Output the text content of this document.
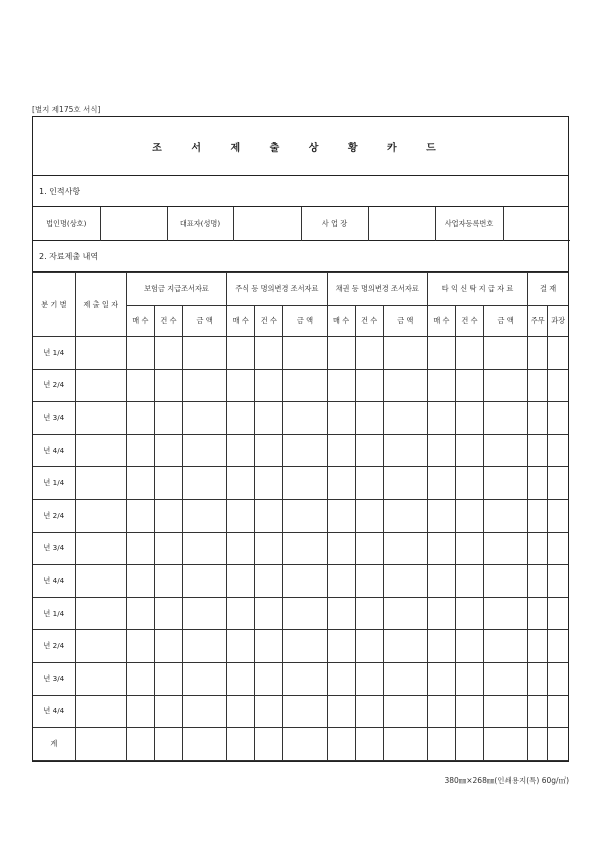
[별지 제175호 서식]
조 서 제 출 상 황 카 드
1. 인적사항
법인명(상호)		대표자(성명)		사 업 장		사업자등록번호	
2. 자료제출 내역
분 기 별	제 출 일 자	보험금 지급조서자료			주식 등 명의변경 조서자료			채권 등 명의변경 조서자료			타 익 신 탁 지 급 자 료			결 재	
		매 수	건 수	금 액	매 수	건 수	금 액	매 수	건 수	금 액	매 수	건 수	금 액	주무	과장
년 1/4															
년 2/4															
년 3/4															
년 4/4															
년 1/4															
년 2/4															
년 3/4															
년 4/4															
년 1/4															
년 2/4															
년 3/4															
년 4/4															
계															
380㎜×268㎜(인쇄용지(특) 60g/㎡)
